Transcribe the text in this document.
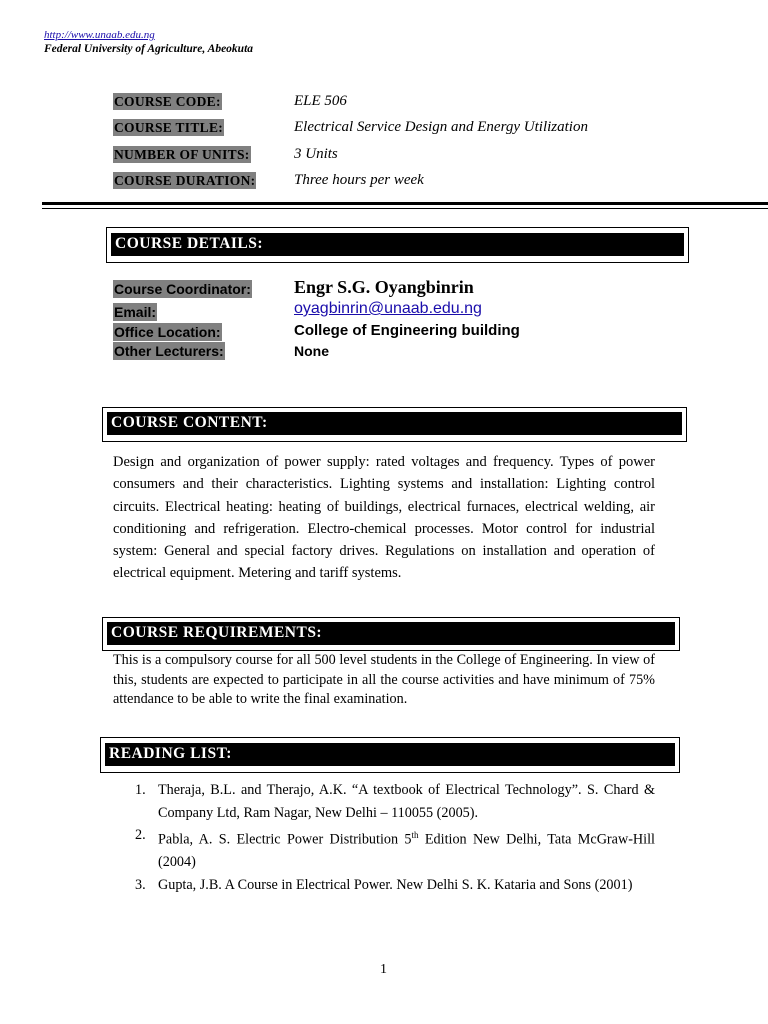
http://www.unaab.edu.ng
Federal University of Agriculture, Abeokuta
COURSE CODE:	ELE 506
COURSE TITLE:	Electrical Service Design and Energy Utilization
NUMBER OF UNITS:	3 Units
COURSE DURATION:	Three hours per week
COURSE DETAILS:
Course Coordinator: Engr S.G. Oyangbinrin
Email:	oyagbinrin@unaab.edu.ng
Office Location:	College of Engineering building
Other Lecturers:	None
COURSE CONTENT:
Design and organization of power supply: rated voltages and frequency. Types of power consumers and their characteristics. Lighting systems and installation: Lighting control circuits. Electrical heating: heating of buildings, electrical furnaces, electrical welding, air conditioning and refrigeration. Electro-chemical processes. Motor control for industrial system: General and special factory drives. Regulations on installation and operation of electrical equipment. Metering and tariff systems.
COURSE REQUIREMENTS:
This is a compulsory course for all 500 level students in the College of Engineering. In view of this, students are expected to participate in all the course activities and have minimum of 75% attendance to be able to write the final examination.
READING LIST:
1. Theraja, B.L. and Therajo, A.K. “A textbook of Electrical Technology”. S. Chard & Company Ltd, Ram Nagar, New Delhi – 110055 (2005).
2. Pabla, A. S. Electric Power Distribution 5th Edition New Delhi, Tata McGraw-Hill (2004)
3. Gupta, J.B. A Course in Electrical Power. New Delhi S. K. Kataria and Sons (2001)
1
